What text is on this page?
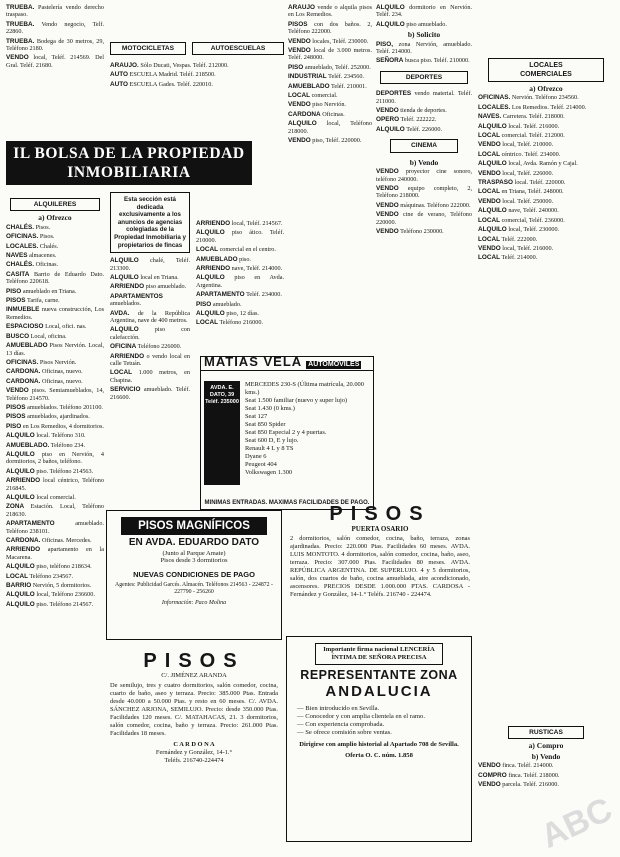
TRUEBA. Pastelería vendo derecho traspaso.
TRUEBA. Vendo negocio, Telf. 22860.
TRUEBA. Bodega de 30 metros, 29, Teléfono 2180.
VENDO local, Teléf. 214569. Del Gral. Teléf. 21680.
IL BOLSA DE LA PROPIEDAD
INMOBILIARIA
ALQUILERES
a) Ofrezco
CHALÉS. Pisos.
OFICINAS. Pisos.
LOCALES. Chalés.
NAVES almacenes.
CHALÉS. Oficinas.
CASITA Barrio de Eduardo Dato. Teléfono 220618.
PISO amueblado en Triana.
PISOS Tarifa, carne.
INMUEBLE nueva construcción, Los Remedios.
ESPACIOSO Local, ofici. nas.
BUSCO Local, oficina.
AMUEBLADO Pisos Nervión. Local, 13 días.
OFICINAS. Pisos Nervión.
CARDONA. Oficinas, nuevo.
CARDONA. Oficinas, nuevo.
VENDO pisos. Semiamueblados, 14, Teléfono 214570.
PISOS amueblados. Teléfono 201100.
PISOS amueblados, ajardinados.
PISO en Los Remedios, 4 dormitorios.
ALQUILO local. Teléfono 310.
AMUEBLADO. Teléfono 234.
ALQUILO piso en Nervión, 4 dormitorios, 2 baños, teléfono.
ALQUILO piso. Teléfono 214563.
ARRIENDO local céntrico, Teléfono 216845.
ALQUILO local comercial.
ZONA Estación. Local, Teléfono 218630.
APARTAMENTO amueblado. Teléfono 238101.
CARDONA. Oficinas. Mercedes.
ARRIENDO apartamento en la Macarena.
ALQUILO piso, teléfono 218634.
LOCAL Teléfono 234567.
BARRIO Nervión, 5 dormitorios.
ALQUILO local, Teléfono 236600.
ALQUILO piso. Teléfono 214567.
MOTOCICLETAS	AUTOESCUELAS
ARAUJO. Sólo Ducati, Vespas. Teléf. 212000.
AUTO ESCUELA Madrid. Teléf. 218500.
AUTO ESCUELA Gades. Teléf. 220010.
Esta sección está dedicada exclusivamente a los anuncios de agencias colegiadas de la Propiedad Inmobiliaria y propietarios de fincas
ALQUILO chalé, Teléf. 213300.
ALQUILO local en Triana.
ARRIENDO piso amueblado.
APARTAMENTOS amueblados.
AVDA. de la República Argentina, nave de 400 metros.
ALQUILO piso con calefacción.
OFICINA Teléfono 226000.
ARRIENDO o vendo local en calle Tetuán.
LOCAL 1.000 metros, en Chapina.
SERVICIO amueblado. Teléf. 216600.
ARRIENDO local, Teléf. 214567.
ALQUILO piso ático. Teléf. 210000.
LOCAL comercial en el centro.
AMUEBLADO piso.
ARRIENDO nave, Teléf. 214000.
ALQUILO piso en Avda. Argentina.
APARTAMENTO Teléf. 234000.
PISO amueblado.
ALQUILO piso, 12 días.
LOCAL Teléfono 216000.
ARAUJO vende o alquila pisos en Los Remedios.
PISOS con dos baños. 2, Teléfono 222000.
VENDO locales, Teléf. 230000.
VENDO local de 3.000 metros. Teléf. 248000.
PISO amueblado, Teléf. 252000.
INDUSTRIAL Teléf. 234560.
AMUEBLADO Teléf. 210001.
LOCAL comercial.
VENDO piso Nervión.
CARDONA Oficinas.
ALQUILO local, Teléfono 218000.
VENDO piso, Teléf. 220000.
ALQUILO dormitorio en Nervión. Teléf. 234.
ALQUILO piso amueblado.
b) Solicito
PISO, zona Nervión, amueblado. Teléf. 214000.
SEÑORA busca piso. Teléf. 210000.
DEPORTES
DEPORTES vendo material. Teléf. 211000.
VENDO tienda de deportes.
OPERO Teléf. 222222.
ALQUILO Teléf. 226000.
CINEMA
b) Vendo
VENDO proyector cine sonoro, teléfono 240000.
VENDO equipo completo, 2, Teléfono 218000.
VENDO máquinas. Teléfono 222000.
VENDO cine de verano, Teléfono 220000.
VENDO Teléfono 230000.
LOCALES COMERCIALES
a) Ofrezco
OFICINAS. Nervión. Teléfono 234560.
LOCALES. Los Remedios. Teléf. 214000.
NAVES. Carretera. Teléf. 218000.
ALQUILO local. Teléf. 216000.
LOCAL comercial. Teléf. 212000.
VENDO local, Teléf. 210000.
LOCAL céntrico. Teléf. 234000.
ALQUILO local, Avda. Ramón y Cajal.
VENDO local, Teléf. 226000.
TRASPASO local. Teléf. 220000.
LOCAL en Triana, Teléf. 248000.
VENDO local. Teléf. 250000.
ALQUILO nave, Teléf. 240000.
LOCAL comercial, Teléf. 236000.
ALQUILO local, Teléf. 230000.
LOCAL Teléf. 222000.
VENDO local, Teléf. 216000.
LOCAL Teléf. 214000.
RUSTICAS
a) Compro
b) Vendo
VENDO finca. Teléf. 214000.
COMPRO finca. Teléf. 218000.
VENDO parcela. Teléf. 216000.
MATIAS VELA AUTOMOVILES
AVDA. E. DATO, 39 Teléf. 235000
MERCEDES 230-S (Última matrícula, 20.000 kms.)
Seat 1.500 familiar (nuevo y super lujo)
Seat 1.430 (0 kms.)
Seat 127
Seat 850 Spider
Seat 850 Especial 2 y 4 puertas.
Seat 600 D, E y lujo.
Renault 4 L y 8 TS
Dyane 6
Peugeot 404
Volkswagen 1.300
MINIMAS ENTRADAS. MAXIMAS FACILIDADES DE PAGO.
PISOS MAGNÍFICOS
EN AVDA. EDUARDO DATO
(Junto al Parque Amate)
Pisos desde 3 dormitorios
NUEVAS CONDICIONES DE PAGO
Agentes: Publicidad Garcés. Almacén. Teléfonos 214563 - 224872 - 227790 - 256260
Información: Paco Molina
PISOS
PUERTA OSARIO
2 dormitorios, salón comedor, cocina, baño, terraza, zonas ajardinadas. Precio: 220.000 Ptas. Facilidades 60 meses. AVDA. LUIS MONTOTO. 4 dormitorios, salón comedor, cocina, baño, aseo, terraza. Precio: 307.000 Ptas. Facilidades 80 meses. AVDA. REPÚBLICA ARGENTINA. DE SUPERLUJO. 4 y 5 dormitorios, salón, dos cuartos de baño, cocina amueblada, aire acondicionado, ascensores. PRECIOS DESDE 1.000.000 PTAS. CARDOSA - Fernández y González, 14-1.° Teléfs. 216740 - 224474.
PISOS
C/. JIMÉNEZ ARANDA
De semilujo, tres y cuatro dormitorios, salón comedor, cocina, cuarto de baño, aseo y terraza. Precio: 385.000 Ptas. Entrada desde 40.000 a 50.000 Ptas. y resto en 60 meses. C/. AVDA. SÁNCHEZ ARJONA, SEMILUJO. Precio: desde 350.000 Ptas. Facilidades 120 meses. C/. MATAHACAS, 21. 3 dormitorios, salón comedor, cocina, baño y terraza. Precio: 261.000 Ptas. Facilidades 18 meses.
C A R D O N A
Fernández y González, 14-1.°
Teléfs. 216740-224474
Importante firma nacional LENCERÍA ÍNTIMA DE SEÑORA PRECISA
REPRESENTANTE ZONA
ANDALUCIA
— Bien introducido en Sevilla.
— Conocedor y con amplia clientela en el ramo.
— Con experiencia comprobada.
— Se ofrece comisión sobre ventas.
Dirigirse con amplio historial al Apartado 708 de Sevilla.
Oferta O. C. núm. 1.858
ABC
